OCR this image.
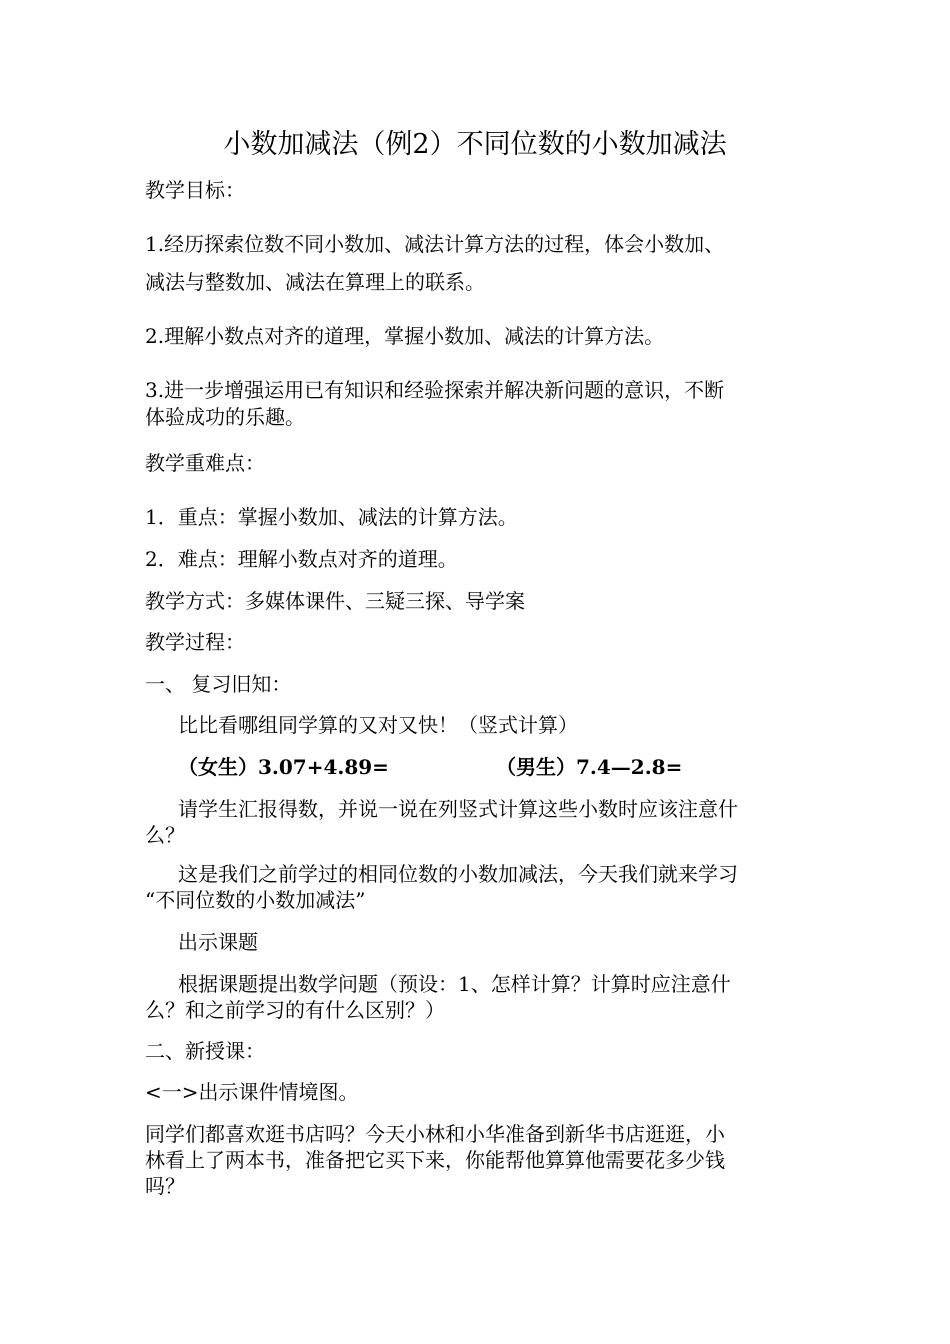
小数加减法（例2）不同位数的小数加减法
教学目标：
1.经历探索位数不同小数加、减法计算方法的过程，体会小数加、
减法与整数加、减法在算理上的联系。
2.理解小数点对齐的道理，掌握小数加、减法的计算方法。
3.进一步增强运用已有知识和经验探索并解决新问题的意识，不断
体验成功的乐趣。
教学重难点：
1．重点：掌握小数加、减法的计算方法。
2．难点：理解小数点对齐的道理。
教学方式：多媒体课件、三疑三探、导学案
教学过程：
一、 复习旧知：
比比看哪组同学算的又对又快！（竖式计算）
（女生）3.07+4.89=	（男生）7.4—2.8=
请学生汇报得数，并说一说在列竖式计算这些小数时应该注意什
么？
这是我们之前学过的相同位数的小数加减法，今天我们就来学习
“不同位数的小数加减法”
出示课题
根据课题提出数学问题（预设：1、怎样计算？计算时应注意什
么？和之前学习的有什么区别？）
二、新授课：
<一>出示课件情境图。
同学们都喜欢逛书店吗？今天小林和小华准备到新华书店逛逛，小
林看上了两本书，准备把它买下来，你能帮他算算他需要花多少钱
吗？
